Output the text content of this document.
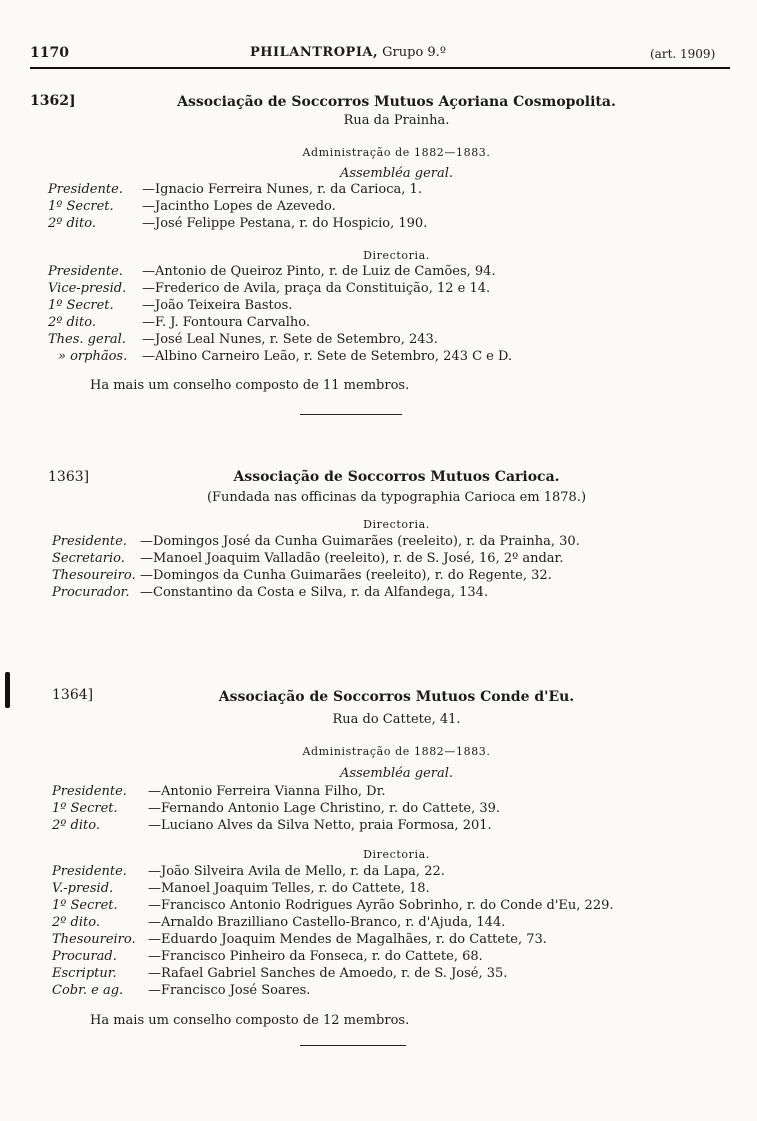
1170	PHILANTROPIA, Grupo 9.º	(art. 1909)
1362]	Associação de Soccorros Mutuos Açoriana Cosmopolita.
Rua da Prainha.
Administração de 1882—1883.
Assembléa geral.
Presidente. —Ignacio Ferreira Nunes, r. da Carioca, 1.
1º Secret. —Jacintho Lopes de Azevedo.
2º dito.	—José Felippe Pestana, r. do Hospicio, 190.
Directoria.
Presidente. —Antonio de Queiroz Pinto, r. de Luiz de Camões, 94.
Vice-presid. —Frederico de Avila, praça da Constituição, 12 e 14.
1º Secret. —João Teixeira Bastos.
2º dito.	—F. J. Fontoura Carvalho.
Thes. geral. —José Leal Nunes, r. Sete de Setembro, 243.
» orphãos. —Albino Carneiro Leão, r. Sete de Setembro, 243 C e D.
Ha mais um conselho composto de 11 membros.
1363]	Associação de Soccorros Mutuos Carioca.
(Fundada nas officinas da typographia Carioca em 1878.)
Directoria.
Presidente. —Domingos José da Cunha Guimarães (reeleito), r. da Prainha, 30.
Secretario. —Manoel Joaquim Valladão (reeleito), r. de S. José, 16, 2º andar.
Thesoureiro. —Domingos da Cunha Guimarães (reeleito), r. do Regente, 32.
Procurador. —Constantino da Costa e Silva, r. da Alfandega, 134.
1364]	Associação de Soccorros Mutuos Conde d'Eu.
Rua do Cattete, 41.
Administração de 1882—1883.
Assembléa geral.
Presidente. —Antonio Ferreira Vianna Filho, Dr.
1º Secret. —Fernando Antonio Lage Christino, r. do Cattete, 39.
2º dito.	—Luciano Alves da Silva Netto, praia Formosa, 201.
Directoria.
Presidente. —João Silveira Avila de Mello, r. da Lapa, 22.
V.-presid.	—Manoel Joaquim Telles, r. do Cattete, 18.
1º Secret. —Francisco Antonio Rodrigues Ayrão Sobrinho, r. do Conde d'Eu, 229.
2º dito.	—Arnaldo Brazilliano Castello-Branco, r. d'Ajuda, 144.
Thesoureiro. —Eduardo Joaquim Mendes de Magalhães, r. do Cattete, 73.
Procurad. —Francisco Pinheiro da Fonseca, r. do Cattete, 68.
Escriptur. —Rafael Gabriel Sanches de Amoedo, r. de S. José, 35.
Cobr. e ag. —Francisco José Soares.
Ha mais um conselho composto de 12 membros.
